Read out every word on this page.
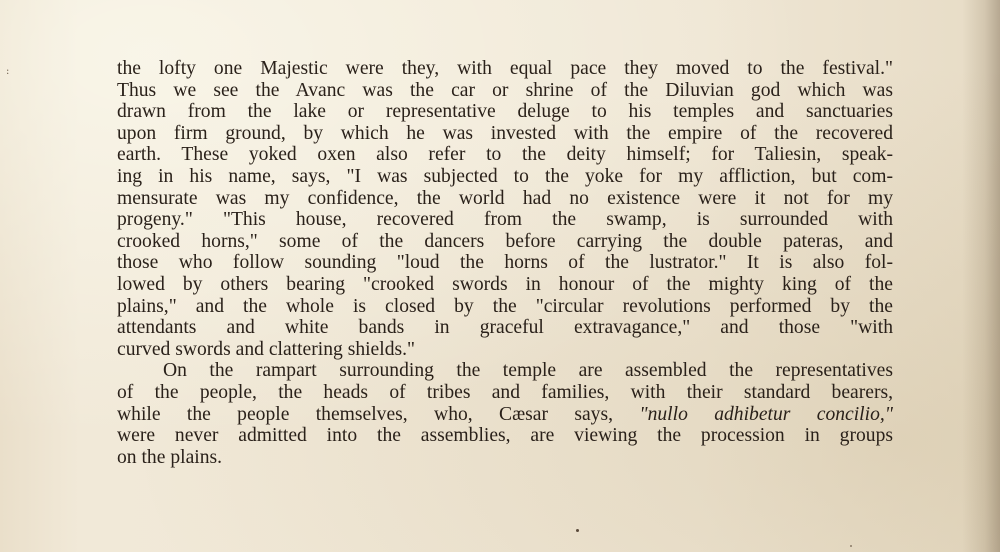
:	the lofty one Majestic were they, with equal pace they moved to the festival."
Thus we see the Avanc was the car or shrine of the Diluvian god which was
drawn from the lake or representative deluge to his temples and sanctuaries
upon firm ground, by which he was invested with the empire of the recovered
earth. These yoked oxen also refer to the deity himself; for Taliesin, speak-
ing in his name, says, "I was subjected to the yoke for my affliction, but com-
mensurate was my confidence, the world had no existence were it not for my
progeny." "This house, recovered from the swamp, is surrounded with
crooked horns," some of the dancers before carrying the double pateras, and
those who follow sounding "loud the horns of the lustrator." It is also fol-
lowed by others bearing "crooked swords in honour of the mighty king of the
plains," and the whole is closed by the "circular revolutions performed by the
attendants and white bands in graceful extravagance," and those "with
curved swords and clattering shields."
On the rampart surrounding the temple are assembled the representatives
of the people, the heads of tribes and families, with their standard bearers,
while the people themselves, who, Cæsar says, "nullo adhibetur concilio,"
were never admitted into the assemblies, are viewing the procession in groups
on the plains.
